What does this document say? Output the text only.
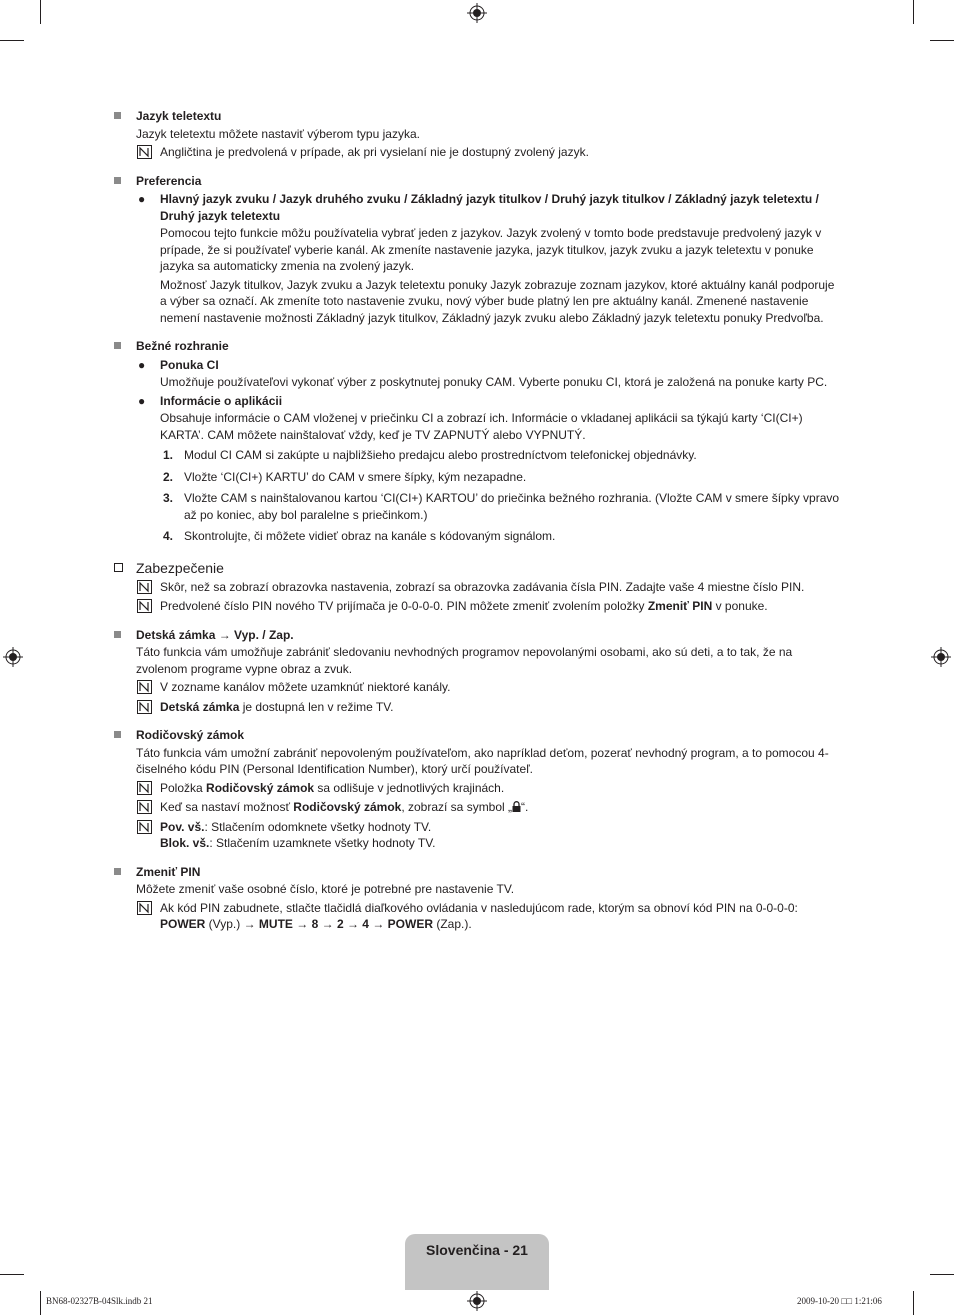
Jazyk teletextu

Jazyk teletextu môžete nastaviť výberom typu jazyka.

Angličtina je predvolená v prípade, ak pri vysielaní nie je dostupný zvolený jazyk.
Preferencia
● Hlavný jazyk zvuku / Jazyk druhého zvuku / Základný jazyk titulkov / Druhý jazyk titulkov / Základný jazyk teletextu / Druhý jazyk teletextu

Pomocou tejto funkcie môžu používatelia vybrať jeden z jazykov. Jazyk zvolený v tomto bode predstavuje predvolený jazyk v prípade, že si používateľ vyberie kanál. Ak zmeníte nastavenie jazyka, jazyk titulkov, jazyk zvuku a jazyk teletextu v ponuke jazyka sa automaticky zmenia na zvolený jazyk.

Možnosť Jazyk titulkov, Jazyk zvuku a Jazyk teletextu ponuky Jazyk zobrazuje zoznam jazykov, ktoré aktuálny kanál podporuje a výber sa označí. Ak zmeníte toto nastavenie zvuku, nový výber bude platný len pre aktuálny kanál. Zmenené nastavenie nemení nastavenie možnosti Základný jazyk titulkov, Základný jazyk zvuku alebo Základný jazyk teletextu ponuky Predvoľba.

Bežné rozhranie
● Ponuka CI

Umožňuje používateľovi vykonať výber z poskytnutej ponuky CAM. Vyberte ponuku CI, ktorá je založená na ponuke karty PC.

● Informácie o aplikácii

Obsahuje informácie o CAM vloženej v priečinku CI a zobrazí ich. Informácie o vkladanej aplikácii sa týkajú karty ‘CI(CI+) KARTA’. CAM môžete nainštalovať vždy, keď je TV ZAPNUTÝ alebo VYPNUTÝ.

1. Modul CI CAM si zakúpte u najbližšieho predajcu alebo prostredníctvom telefonickej objednávky.
2. Vložte ‘CI(CI+) KARTU’ do CAM v smere šípky, kým nezapadne.
3. Vložte CAM s nainštalovanou kartou ‘CI(CI+) KARTOU’ do priečinka bežného rozhrania. (Vložte CAM v smere šípky vpravo až po koniec, aby bol paralelne s priečinkom.)
4. Skontrolujte, či môžete vidieť obraz na kanále s kódovaným signálom.
Zabezpečenie
Skôr, než sa zobrazí obrazovka nastavenia, zobrazí sa obrazovka zadávania čísla PIN. Zadajte vaše 4 miestne číslo PIN.
Predvolené číslo PIN nového TV prijímača je 0-0-0-0. PIN môžete zmeniť zvolením položky Zmeniť PIN v ponuke.
Detská zámka → Vyp. / Zap.

Táto funkcia vám umožňuje zabrániť sledovaniu nevhodných programov nepovolanými osobami, ako sú deti, a to tak, že na zvolenom programe vypne obraz a zvuk.

V zozname kanálov môžete uzamknúť niektoré kanály.
Detská zámka je dostupná len v režime TV.
Rodičovský zámok

Táto funkcia vám umožní zabrániť nepovoleným používateľom, ako napríklad deťom, pozerať nevhodný program, a to pomocou 4-čiselného kódu PIN (Personal Identification Number), ktorý určí používateľ.

Položka Rodičovský zámok sa odlišuje v jednotlivých krajinách.
Keď sa nastaví možnosť Rodičovský zámok, zobrazí sa symbol „ “.
Pov. vš.: Stlačením odomknete všetky hodnoty TV.
Blok. vš.: Stlačením uzamknete všetky hodnoty TV.
Zmeniť PIN

Môžete zmeniť vaše osobné číslo, ktoré je potrebné pre nastavenie TV.

Ak kód PIN zabudnete, stlačte tlačidlá diaľkového ovládania v nasledujúcom rade, ktorým sa obnoví kód PIN na 0-0-0-0:
POWER (Vyp.) → MUTE → 8 → 2 → 4 → POWER (Zap.).
Slovenčina - 21
BN68-02327B-04Slk.indb 21	2009-10-20 □□ 1:21:06
